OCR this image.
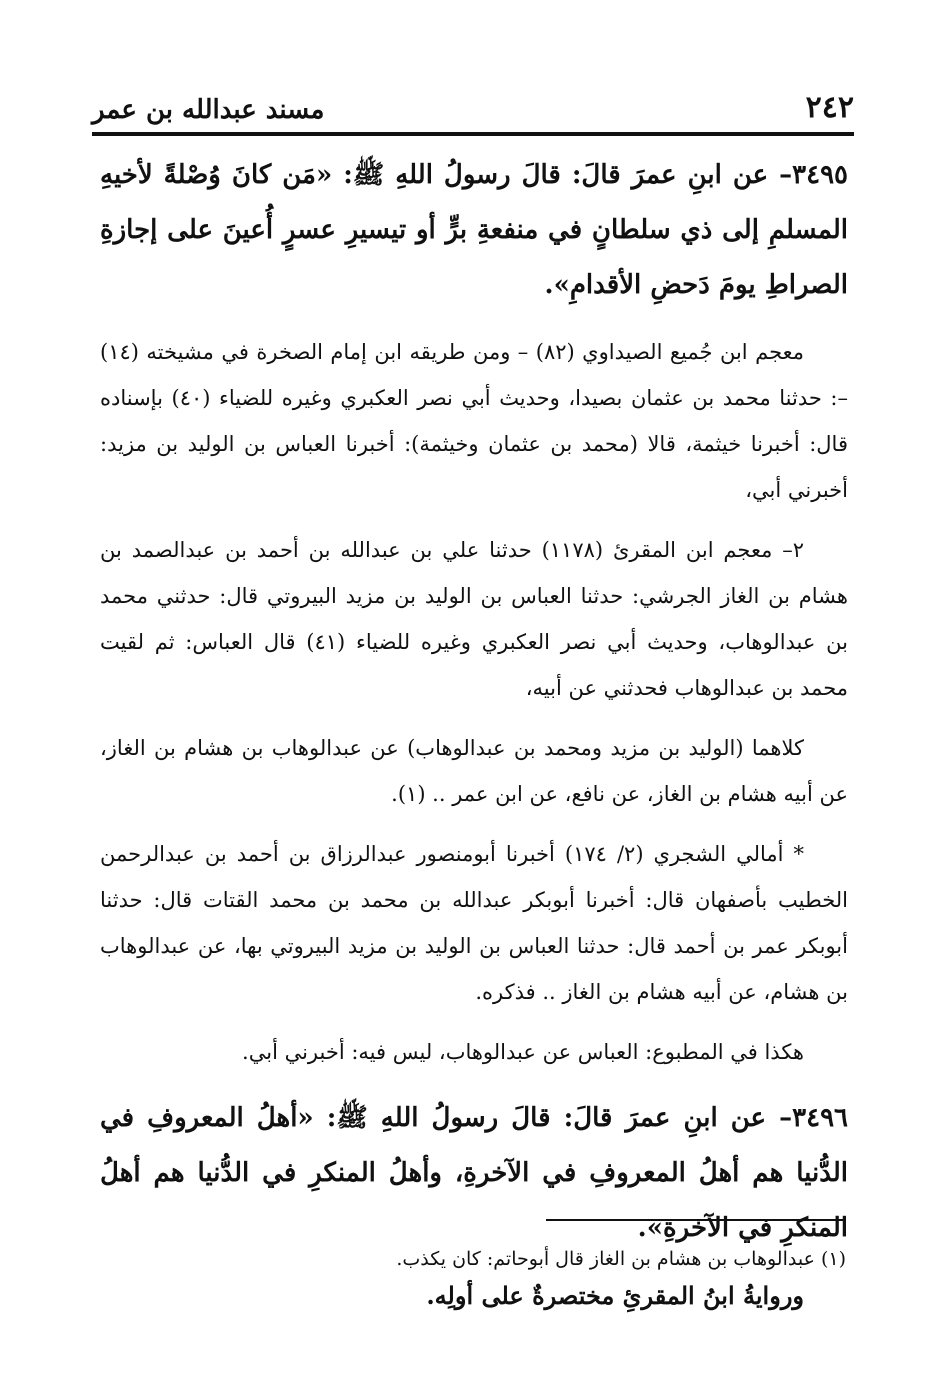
٢٤٢
مسند عبدالله بن عمر

٣٤٩٥– عن ابنِ عمرَ قالَ: قالَ رسولُ اللهِ ﷺ: «مَن كانَ وُصْلةً لأخيهِ المسلمِ إلى ذي سلطانٍ في منفعةِ برٍّ أو تيسيرِ عسرٍ أُعينَ على إجازةِ الصراطِ يومَ دَحضِ الأقدامِ».

معجم ابن جُميع الصيداوي (٨٢) – ومن طريقه ابن إمام الصخرة في مشيخته (١٤) –: حدثنا محمد بن عثمان بصيدا، وحديث أبي نصر العكبري وغيره للضياء (٤٠) بإسناده قال: أخبرنا خيثمة، قالا (محمد بن عثمان وخيثمة): أخبرنا العباس بن الوليد بن مزيد: أخبرني أبي،

٢– معجم ابن المقرئ (١١٧٨) حدثنا علي بن عبدالله بن أحمد بن عبدالصمد بن هشام بن الغاز الجرشي: حدثنا العباس بن الوليد بن مزيد البيروتي قال: حدثني محمد بن عبدالوهاب، وحديث أبي نصر العكبري وغيره للضياء (٤١) قال العباس: ثم لقيت محمد بن عبدالوهاب فحدثني عن أبيه،

كلاهما (الوليد بن مزيد ومحمد بن عبدالوهاب) عن عبدالوهاب بن هشام بن الغاز، عن أبيه هشام بن الغاز، عن نافع، عن ابن عمر .. (١).

* أمالي الشجري (٢/ ١٧٤) أخبرنا أبومنصور عبدالرزاق بن أحمد بن عبدالرحمن الخطيب بأصفهان قال: أخبرنا أبوبكر عبدالله بن محمد بن محمد القتات قال: حدثنا أبوبكر عمر بن أحمد قال: حدثنا العباس بن الوليد بن مزيد البيروتي بها، عن عبدالوهاب بن هشام، عن أبيه هشام بن الغاز .. فذكره.

هكذا في المطبوع: العباس عن عبدالوهاب، ليس فيه: أخبرني أبي.

٣٤٩٦– عن ابنِ عمرَ قالَ: قالَ رسولُ اللهِ ﷺ: «أهلُ المعروفِ في الدُّنيا هم أهلُ المعروفِ في الآخرةِ، وأهلُ المنكرِ في الدُّنيا هم أهلُ المنكرِ في الآخرةِ».

وروايةُ ابنُ المقرئِ مختصرةٌ على أولِه.

(١) عبدالوهاب بن هشام بن الغاز قال أبوحاتم: كان يكذب.
